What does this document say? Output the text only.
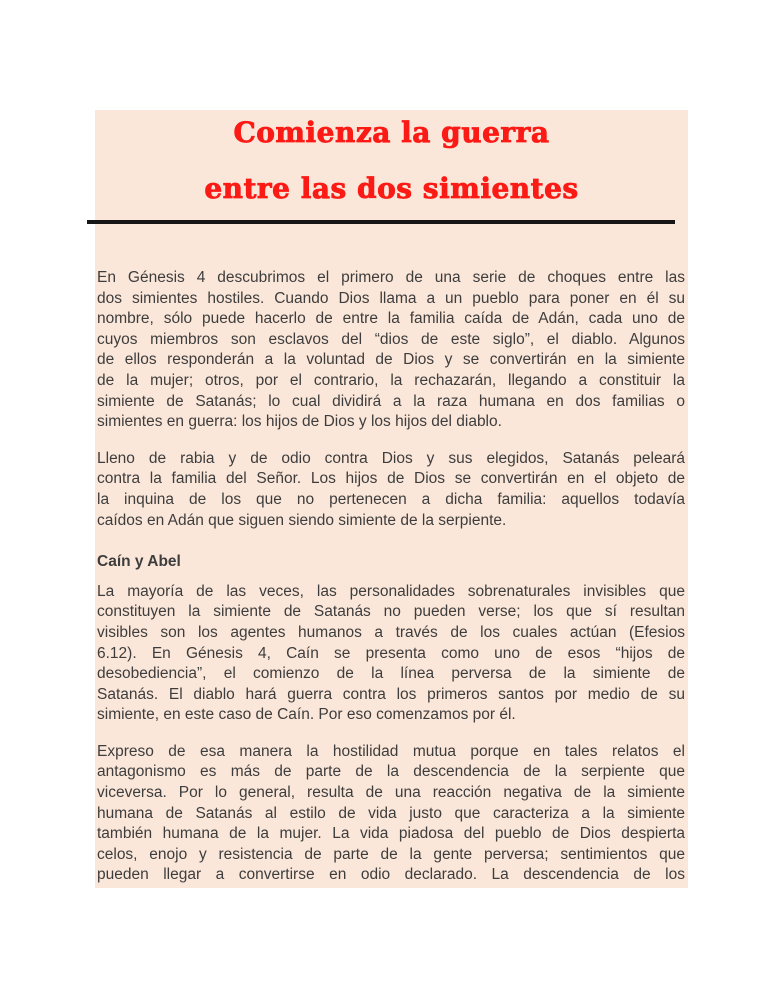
Comienza la guerra
entre las dos simientes
En Génesis 4 descubrimos el primero de una serie de choques entre las
dos simientes hostiles. Cuando Dios llama a un pueblo para poner en él su
nombre, sólo puede hacerlo de entre la familia caída de Adán, cada uno de
cuyos miembros son esclavos del “dios de este siglo”, el diablo. Algunos
de ellos responderán a la voluntad de Dios y se convertirán en la simiente
de la mujer; otros, por el contrario, la rechazarán, llegando a constituir la
simiente de Satanás; lo cual dividirá a la raza humana en dos familias o
simientes en guerra: los hijos de Dios y los hijos del diablo.
Lleno de rabia y de odio contra Dios y sus elegidos, Satanás peleará
contra la familia del Señor. Los hijos de Dios se convertirán en el objeto de
la inquina de los que no pertenecen a dicha familia: aquellos todavía
caídos en Adán que siguen siendo simiente de la serpiente.
Caín y Abel
La mayoría de las veces, las personalidades sobrenaturales invisibles que
constituyen la simiente de Satanás no pueden verse; los que sí resultan
visibles son los agentes humanos a través de los cuales actúan (Efesios
6.12). En Génesis 4, Caín se presenta como uno de esos “hijos de
desobediencia”, el comienzo de la línea perversa de la simiente de
Satanás. El diablo hará guerra contra los primeros santos por medio de su
simiente, en este caso de Caín. Por eso comenzamos por él.
Expreso de esa manera la hostilidad mutua porque en tales relatos el
antagonismo es más de parte de la descendencia de la serpiente que
viceversa. Por lo general, resulta de una reacción negativa de la simiente
humana de Satanás al estilo de vida justo que caracteriza a la simiente
también humana de la mujer. La vida piadosa del pueblo de Dios despierta
celos, enojo y resistencia de parte de la gente perversa; sentimientos que
pueden llegar a convertirse en odio declarado. La descendencia de los
